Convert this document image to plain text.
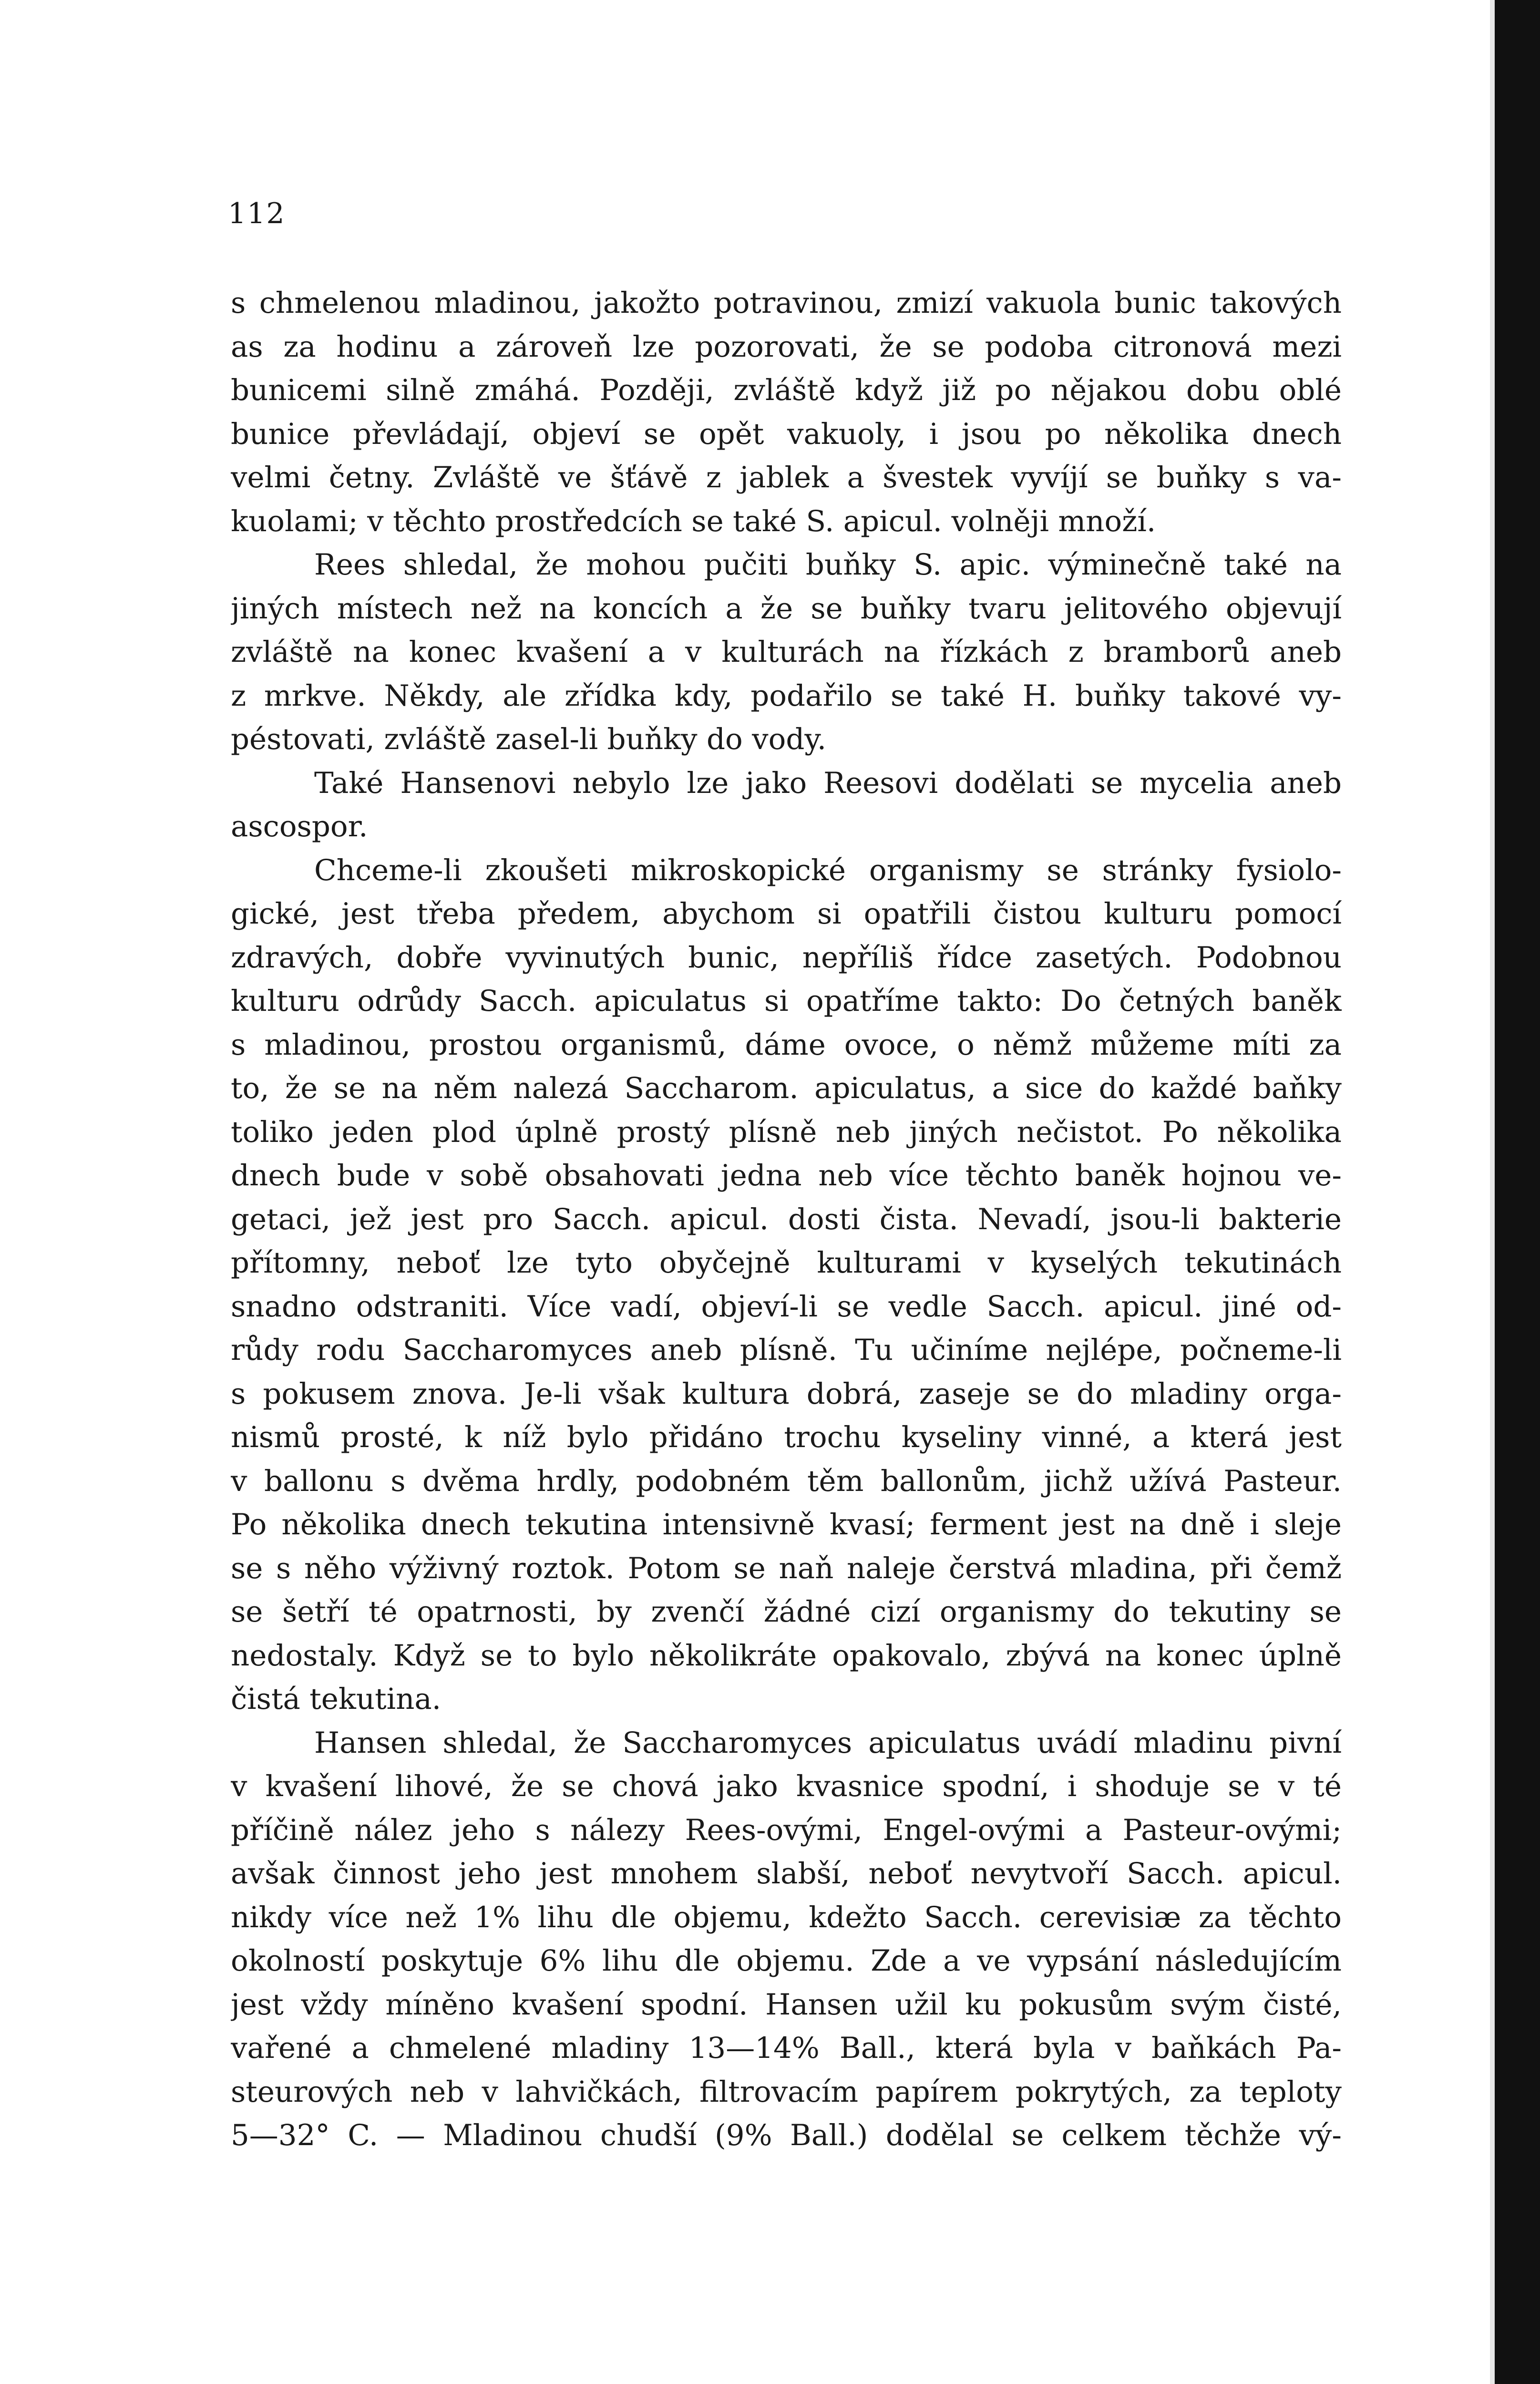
112
s chmelenou mladinou, jakožto potravinou, zmizí vakuola bunic takových
as za hodinu a zároveň lze pozorovati, že se podoba citronová mezi
bunicemi silně zmáhá. Později, zvláště když již po nějakou dobu oblé
bunice převládají, objeví se opět vakuoly, i jsou po několika dnech
velmi četny. Zvláště ve šťávě z jablek a švestek vyvíjí se buňky s va-
kuolami; v těchto prostředcích se také S. apicul. volněji množí.
Rees shledal, že mohou pučiti buňky S. apic. výminečně také na
jiných místech než na koncích a že se buňky tvaru jelitového objevují
zvláště na konec kvašení a v kulturách na řízkách z bramborů aneb
z mrkve. Někdy, ale zřídka kdy, podařilo se také H. buňky takové vy-
péstovati, zvláště zasel-li buňky do vody.
Také Hansenovi nebylo lze jako Reesovi dodělati se mycelia aneb
ascospor.
Chceme-li zkoušeti mikroskopické organismy se stránky fysiolo-
gické, jest třeba předem, abychom si opatřili čistou kulturu pomocí
zdravých, dobře vyvinutých bunic, nepříliš řídce zasetých. Podobnou
kulturu odrůdy Sacch. apiculatus si opatříme takto: Do četných baněk
s mladinou, prostou organismů, dáme ovoce, o němž můžeme míti za
to, že se na něm nalezá Saccharom. apiculatus, a sice do každé baňky
toliko jeden plod úplně prostý plísně neb jiných nečistot. Po několika
dnech bude v sobě obsahovati jedna neb více těchto baněk hojnou ve-
getaci, jež jest pro Sacch. apicul. dosti čista. Nevadí, jsou-li bakterie
přítomny, neboť lze tyto obyčejně kulturami v kyselých tekutinách
snadno odstraniti. Více vadí, objeví-li se vedle Sacch. apicul. jiné od-
růdy rodu Saccharomyces aneb plísně. Tu učiníme nejlépe, počneme-li
s pokusem znova. Je-li však kultura dobrá, zaseje se do mladiny orga-
nismů prosté, k níž bylo přidáno trochu kyseliny vinné, a která jest
v ballonu s dvěma hrdly, podobném těm ballonům, jichž užívá Pasteur.
Po několika dnech tekutina intensivně kvasí; ferment jest na dně i sleje
se s něho výživný roztok. Potom se naň naleje čerstvá mladina, při čemž
se šetří té opatrnosti, by zvenčí žádné cizí organismy do tekutiny se
nedostaly. Když se to bylo několikráte opakovalo, zbývá na konec úplně
čistá tekutina.
Hansen shledal, že Saccharomyces apiculatus uvádí mladinu pivní
v kvašení lihové, že se chová jako kvasnice spodní, i shoduje se v té
příčině nález jeho s nálezy Rees-ovými, Engel-ovými a Pasteur-ovými;
avšak činnost jeho jest mnohem slabší, neboť nevytvoří Sacch. apicul.
nikdy více než 1% lihu dle objemu, kdežto Sacch. cerevisiæ za těchto
okolností poskytuje 6% lihu dle objemu. Zde a ve vypsání následujícím
jest vždy míněno kvašení spodní. Hansen užil ku pokusům svým čisté,
vařené a chmelené mladiny 13—14% Ball., která byla v baňkách Pa-
steurových neb v lahvičkách, filtrovacím papírem pokrytých, za teploty
5—32° C. — Mladinou chudší (9% Ball.) dodělal se celkem těchže vý-
